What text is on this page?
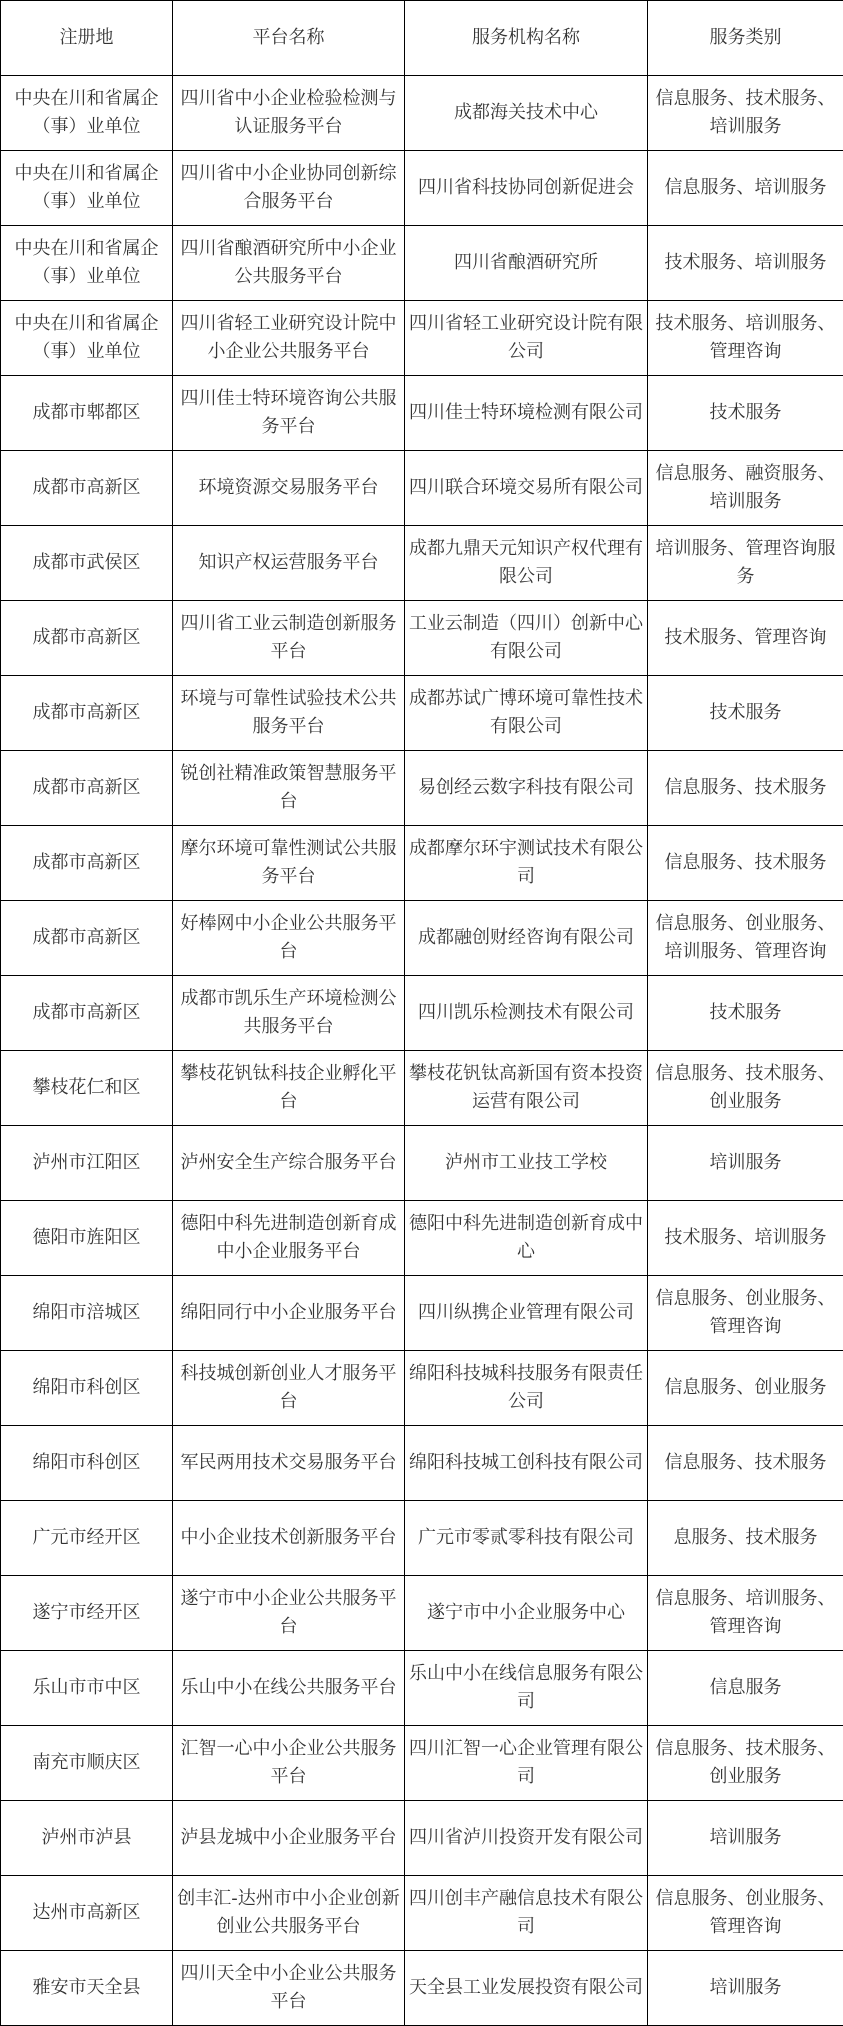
注册地	平台名称	服务机构名称	服务类别

中央在川和省属企（事）业单位	四川省中小企业检验检测与认证服务平台	成都海关技术中心	信息服务、技术服务、培训服务

中央在川和省属企（事）业单位	四川省中小企业协同创新综合服务平台	四川省科技协同创新促进会	信息服务、培训服务

中央在川和省属企（事）业单位	四川省酿酒研究所中小企业公共服务平台	四川省酿酒研究所	技术服务、培训服务

中央在川和省属企（事）业单位	四川省轻工业研究设计院中小企业公共服务平台	四川省轻工业研究设计院有限公司	技术服务、培训服务、管理咨询

成都市郫都区	四川佳士特环境咨询公共服务平台	四川佳士特环境检测有限公司	技术服务

成都市高新区	环境资源交易服务平台	四川联合环境交易所有限公司	信息服务、融资服务、培训服务

成都市武侯区	知识产权运营服务平台	成都九鼎天元知识产权代理有限公司	培训服务、管理咨询服务

成都市高新区	四川省工业云制造创新服务平台	工业云制造（四川）创新中心有限公司	技术服务、管理咨询

成都市高新区	环境与可靠性试验技术公共服务平台	成都苏试广博环境可靠性技术有限公司	技术服务

成都市高新区	锐创社精准政策智慧服务平台	易创经云数字科技有限公司	信息服务、技术服务

成都市高新区	摩尔环境可靠性测试公共服务平台	成都摩尔环宇测试技术有限公司	信息服务、技术服务

成都市高新区	好棒网中小企业公共服务平台	成都融创财经咨询有限公司	信息服务、创业服务、培训服务、管理咨询

成都市高新区	成都市凯乐生产环境检测公共服务平台	四川凯乐检测技术有限公司	技术服务

攀枝花仁和区	攀枝花钒钛科技企业孵化平台	攀枝花钒钛高新国有资本投资运营有限公司	信息服务、技术服务、创业服务

泸州市江阳区	泸州安全生产综合服务平台	泸州市工业技工学校	培训服务

德阳市旌阳区	德阳中科先进制造创新育成中小企业服务平台	德阳中科先进制造创新育成中心	技术服务、培训服务

绵阳市涪城区	绵阳同行中小企业服务平台	四川纵携企业管理有限公司	信息服务、创业服务、管理咨询

绵阳市科创区	科技城创新创业人才服务平台	绵阳科技城科技服务有限责任公司	信息服务、创业服务

绵阳市科创区	军民两用技术交易服务平台	绵阳科技城工创科技有限公司	信息服务、技术服务

广元市经开区	中小企业技术创新服务平台	广元市零贰零科技有限公司	息服务、技术服务

遂宁市经开区	遂宁市中小企业公共服务平台	遂宁市中小企业服务中心	信息服务、培训服务、管理咨询

乐山市市中区	乐山中小在线公共服务平台	乐山中小在线信息服务有限公司	信息服务

南充市顺庆区	汇智一心中小企业公共服务平台	四川汇智一心企业管理有限公司	信息服务、技术服务、创业服务

泸州市泸县	泸县龙城中小企业服务平台	四川省泸川投资开发有限公司	培训服务

达州市高新区	创丰汇-达州市中小企业创新创业公共服务平台	四川创丰产融信息技术有限公司	信息服务、创业服务、管理咨询

雅安市天全县	四川天全中小企业公共服务平台	天全县工业发展投资有限公司	培训服务
